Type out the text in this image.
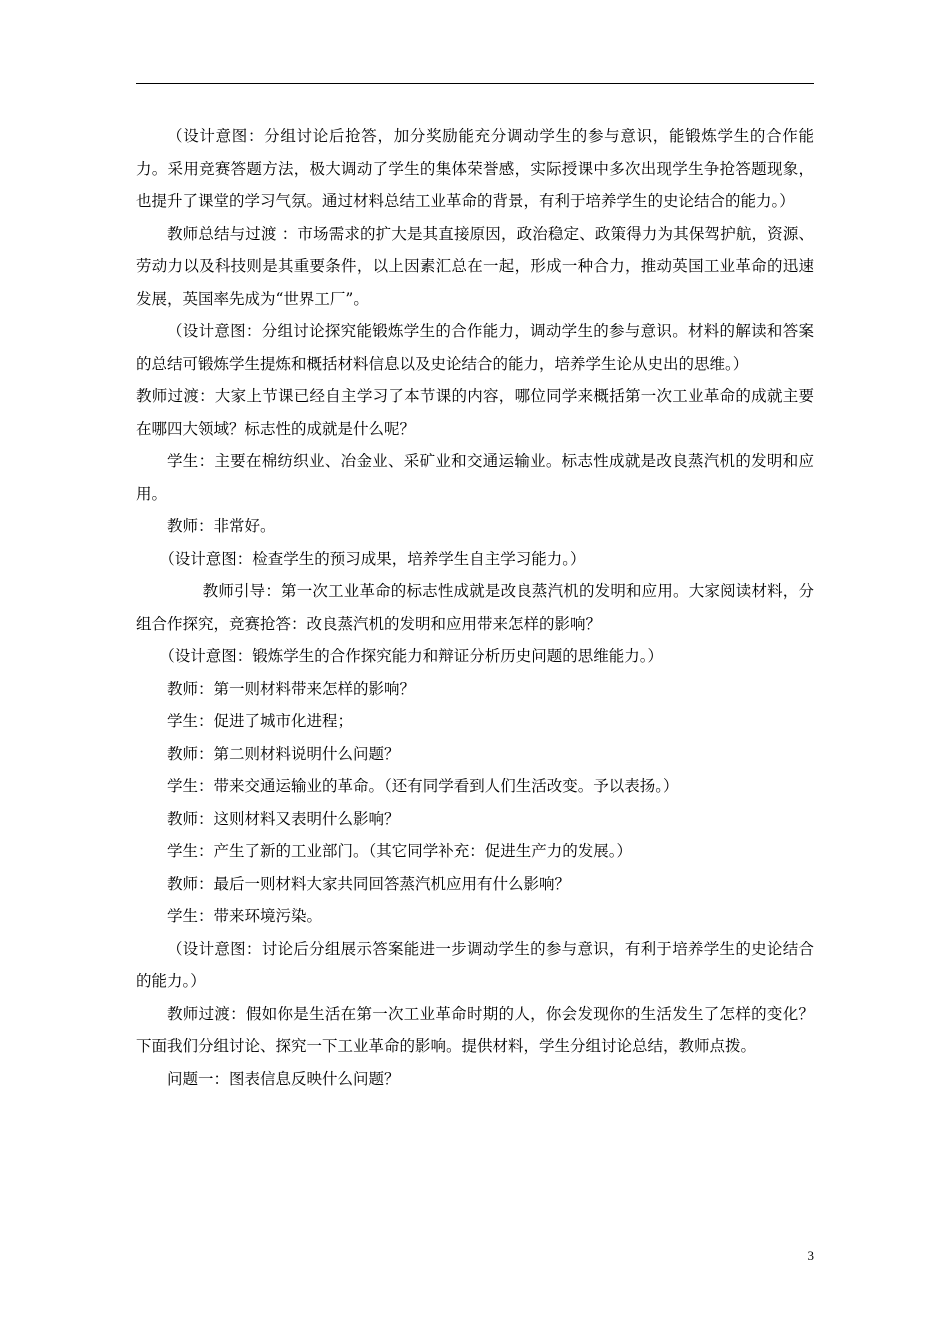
（设计意图：分组讨论后抢答，加分奖励能充分调动学生的参与意识，能锻炼学生的合作能力。采用竞赛答题方法，极大调动了学生的集体荣誉感，实际授课中多次出现学生争抢答题现象，也提升了课堂的学习气氛。通过材料总结工业革命的背景，有利于培养学生的史论结合的能力。）

教师总结与过渡 ：市场需求的扩大是其直接原因，政治稳定、政策得力为其保驾护航，资源、劳动力以及科技则是其重要条件，以上因素汇总在一起，形成一种合力，推动英国工业革命的迅速发展，英国率先成为“世界工厂”。

（设计意图：分组讨论探究能锻炼学生的合作能力，调动学生的参与意识。材料的解读和答案的总结可锻炼学生提炼和概括材料信息以及史论结合的能力，培养学生论从史出的思维。）

教师过渡：大家上节课已经自主学习了本节课的内容，哪位同学来概括第一次工业革命的成就主要在哪四大领域？标志性的成就是什么呢？

学生：主要在棉纺织业、冶金业、采矿业和交通运输业。标志性成就是改良蒸汽机的发明和应用。

教师：非常好。

（设计意图：检查学生的预习成果，培养学生自主学习能力。）

教师引导：第一次工业革命的标志性成就是改良蒸汽机的发明和应用。大家阅读材料，分组合作探究，竞赛抢答：改良蒸汽机的发明和应用带来怎样的影响？

（设计意图：锻炼学生的合作探究能力和辩证分析历史问题的思维能力。）

教师：第一则材料带来怎样的影响？

学生：促进了城市化进程；

教师：第二则材料说明什么问题？

学生：带来交通运输业的革命。（还有同学看到人们生活改变。予以表扬。）

教师：这则材料又表明什么影响？

学生：产生了新的工业部门。（其它同学补充：促进生产力的发展。）

教师：最后一则材料大家共同回答蒸汽机应用有什么影响？

学生：带来环境污染。

（设计意图：讨论后分组展示答案能进一步调动学生的参与意识，有利于培养学生的史论结合的能力。）

教师过渡：假如你是生活在第一次工业革命时期的人，你会发现你的生活发生了怎样的变化？下面我们分组讨论、探究一下工业革命的影响。提供材料，学生分组讨论总结，教师点拨。

问题一：图表信息反映什么问题？

3
